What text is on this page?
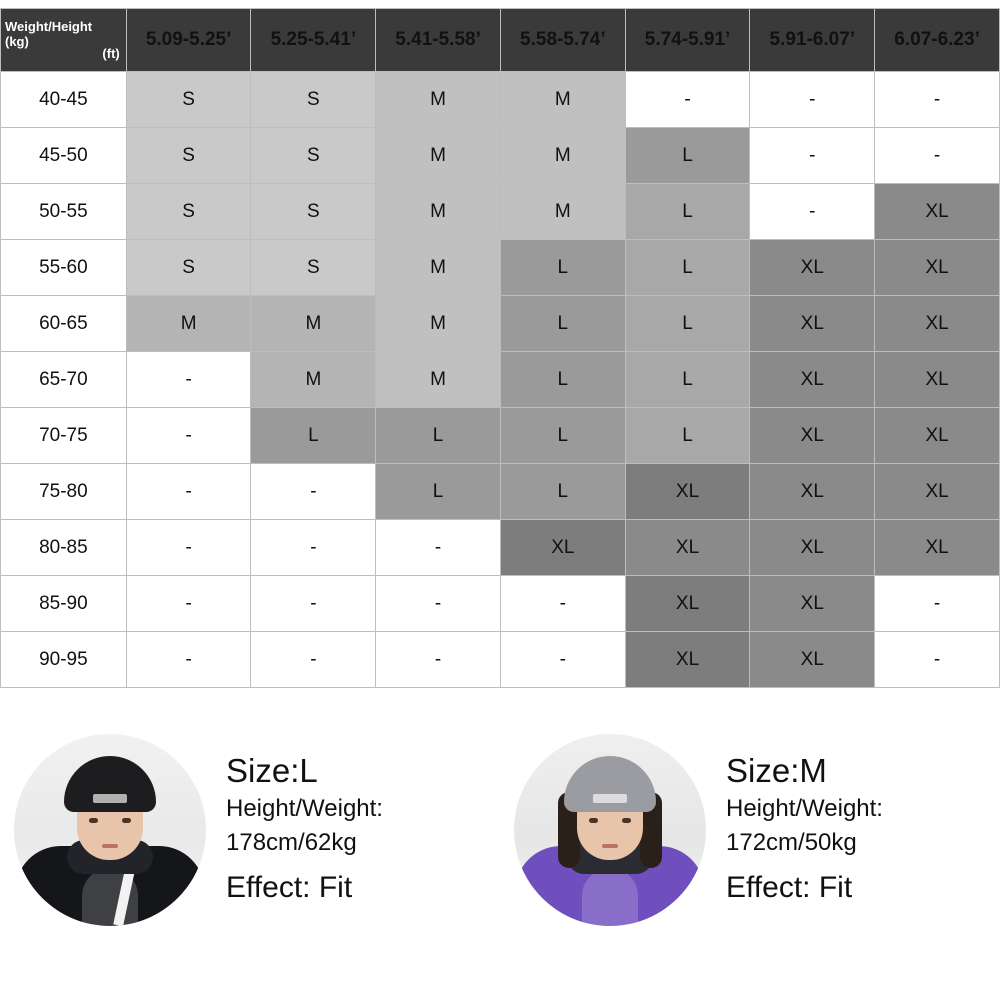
Weight/Height
(kg)
(ft)	5.09-5.25’	5.25-5.41’	5.41-5.58’	5.58-5.74’	5.74-5.91’	5.91-6.07’	6.07-6.23’
40-45	S	S	M	M	-	-	-
45-50	S	S	M	M	L	-	-
50-55	S	S	M	M	L	-	XL
55-60	S	S	M	L	L	XL	XL
60-65	M	M	M	L	L	XL	XL
65-70	-	M	M	L	L	XL	XL
70-75	-	L	L	L	L	XL	XL
75-80	-	-	L	L	XL	XL	XL
80-85	-	-	-	XL	XL	XL	XL
85-90	-	-	-	-	XL	XL	-
90-95	-	-	-	-	XL	XL	-
Size:L
Height/Weight:
178cm/62kg
Effect: Fit
Size:M
Height/Weight:
172cm/50kg
Effect: Fit
